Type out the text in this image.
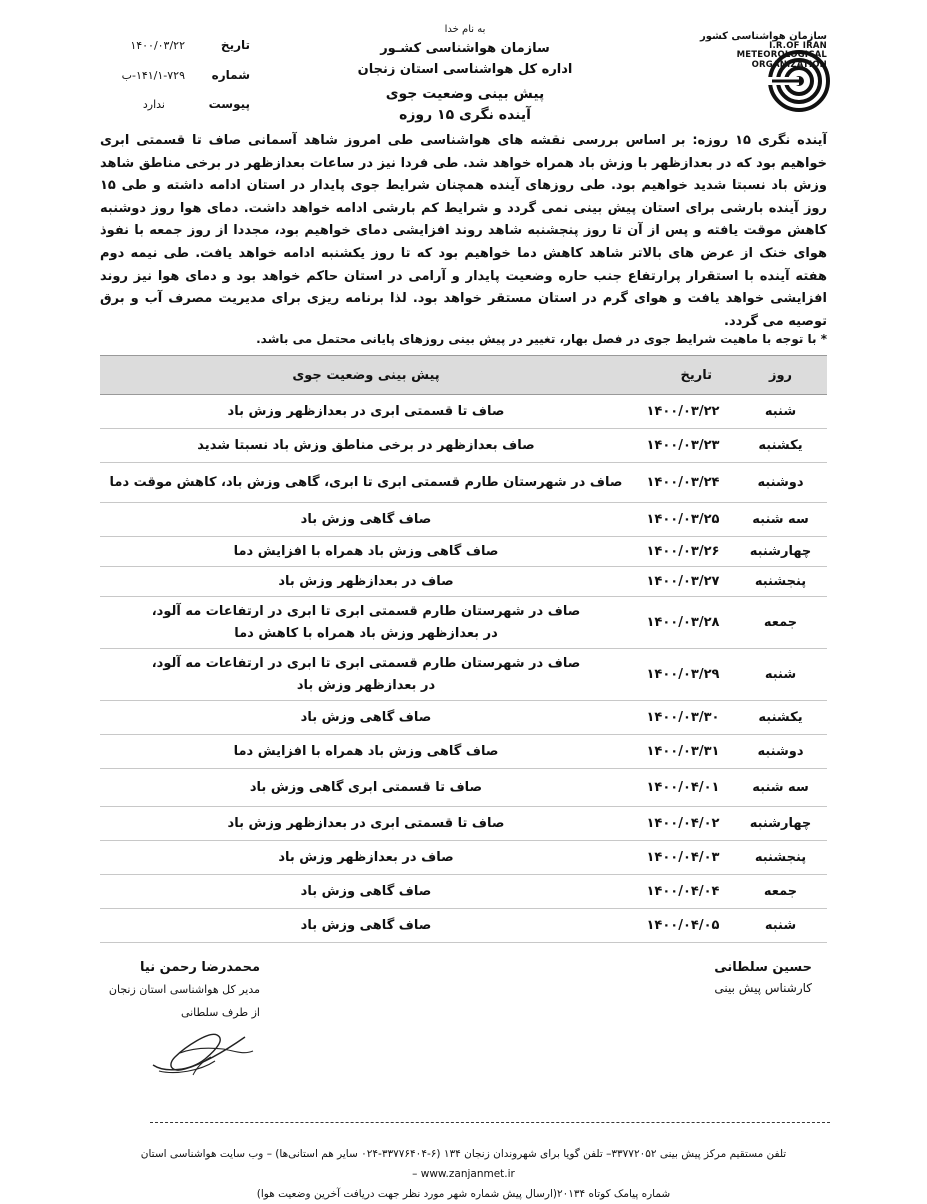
تاریخ
۱۴۰۰/۰۳/۲۲
شماره
۱۴۱/۱-۷۲۹-ب
پیوست
ندارد
به نام خدا
سازمان هواشناسی کشـور
اداره کل هواشناسی استان زنجان
پیش بینی وضعیت جوی
آینده نگری ۱۵ روزه
سازمان هواشناسی کشور
I.R.OF IRAN
METEOROLOGICAL
ORGANIZATION
آینده نگری ۱۵ روزه: بر اساس بررسی نقشه های هواشناسی طی امروز شاهد آسمانی صاف تا قسمتی ابری خواهیم بود که در بعدازظهر با وزش باد همراه خواهد شد. طی فردا نیز در ساعات بعدازظهر در برخی مناطق شاهد وزش باد نسبتا شدید خواهیم بود. طی روزهای آینده همچنان شرایط جوی پایدار در استان ادامه داشته و طی ۱۵ روز آینده بارشی برای استان پیش بینی نمی گردد و شرایط کم بارشی ادامه خواهد داشت. دمای هوا روز دوشنبه کاهش موقت یافته و پس از آن تا روز پنجشنبه شاهد روند افزایشی دمای خواهیم بود، مجددا از روز جمعه با نفوذ هوای خنک از عرض های بالاتر شاهد کاهش دما خواهیم بود که تا روز یکشنبه ادامه خواهد یافت. طی نیمه دوم هفته آینده با استقرار پرارتفاع جنب حاره وضعیت پایدار و آرامی در استان حاکم خواهد بود و دمای هوا نیز روند افزایشی خواهد یافت و هوای گرم در استان مستقر خواهد بود. لذا برنامه ریزی برای مدیریت مصرف آب و برق توصیه می گردد.
* با توجه با ماهیت شرایط جوی در فصل بهار، تغییر در پیش بینی روزهای پایانی محتمل می باشد.
روز	تاریخ	پیش بینی وضعیت جوی
شنبه	۱۴۰۰/۰۳/۲۲	صاف تا قسمتی ابری در بعدازظهر وزش باد

یکشنبه	۱۴۰۰/۰۳/۲۳	صاف بعدازظهر در برخی مناطق وزش باد نسبتا شدید

دوشنبه	۱۴۰۰/۰۳/۲۴	صاف در شهرستان طارم قسمتی ابری تا ابری، گاهی وزش باد، کاهش موقت دما

سه شنبه	۱۴۰۰/۰۳/۲۵	صاف گاهی وزش باد

چهارشنبه	۱۴۰۰/۰۳/۲۶	صاف گاهی وزش باد همراه با افزایش دما

پنجشنبه	۱۴۰۰/۰۳/۲۷	صاف در بعدازظهر وزش باد

جمعه	۱۴۰۰/۰۳/۲۸	صاف در شهرستان طارم قسمتی ابری تا ابری در ارتفاعات مه آلود،
در بعدازظهر وزش باد همراه با کاهش دما

شنبه	۱۴۰۰/۰۳/۲۹	صاف در شهرستان طارم قسمتی ابری تا ابری در ارتفاعات مه آلود،
در بعدازظهر وزش باد

یکشنبه	۱۴۰۰/۰۳/۳۰	صاف گاهی وزش باد

دوشنبه	۱۴۰۰/۰۳/۳۱	صاف گاهی وزش باد همراه با افزایش دما

سه شنبه	۱۴۰۰/۰۴/۰۱	صاف تا قسمتی ابری گاهی وزش باد

چهارشنبه	۱۴۰۰/۰۴/۰۲	صاف تا قسمتی ابری در بعدازظهر وزش باد

پنجشنبه	۱۴۰۰/۰۴/۰۳	صاف در بعدازظهر وزش باد

جمعه	۱۴۰۰/۰۴/۰۴	صاف گاهی وزش باد

شنبه	۱۴۰۰/۰۴/۰۵	صاف گاهی وزش باد
حسین سلطانی
کارشناس پیش بینی
محمدرضا رحمن نیا
مدیر کل هواشناسی استان زنجان
از طرف سلطانی
تلفن مستقیم مرکز پیش بینی ۳۳۷۷۲۰۵۲– تلفن گویا برای شهروندان زنجان ۱۳۴ (۶-۳۳۷۷۶۴۰۴-۰۲۴ سایر هم استانی‌ها) – وب سایت هواشناسی استان www.zanjanmet.ir –
شماره پیامک کوتاه ۲۰۱۳۴(ارسال پیش شماره شهر مورد نظر جهت دریافت آخرین وضعیت هوا)
